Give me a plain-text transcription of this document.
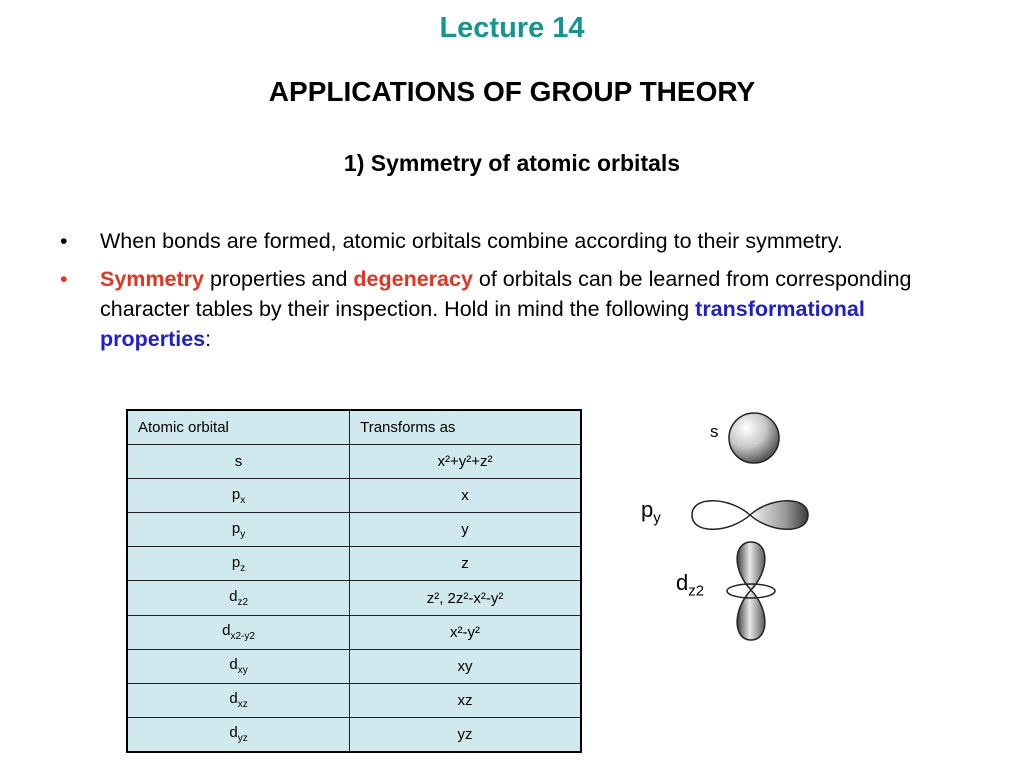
Lecture 14
APPLICATIONS OF GROUP THEORY
1) Symmetry of atomic orbitals
• When bonds are formed, atomic orbitals combine according to their symmetry.
• Symmetry properties and degeneracy of orbitals can be learned from corresponding character tables by their inspection. Hold in mind the following transformational properties:
Atomic orbital	Transforms as
s	x²+y²+z²
$p_x$	x
$p_y$	y
$p_z$	z
$d_{z2}$	z², 2z²-x²-y²
$d_{x2-y2}$	x²-y²
$d_{xy}$	xy
$d_{xz}$	xz
$d_{yz}$	yz
s
$p_y$
$d_{z2}$
